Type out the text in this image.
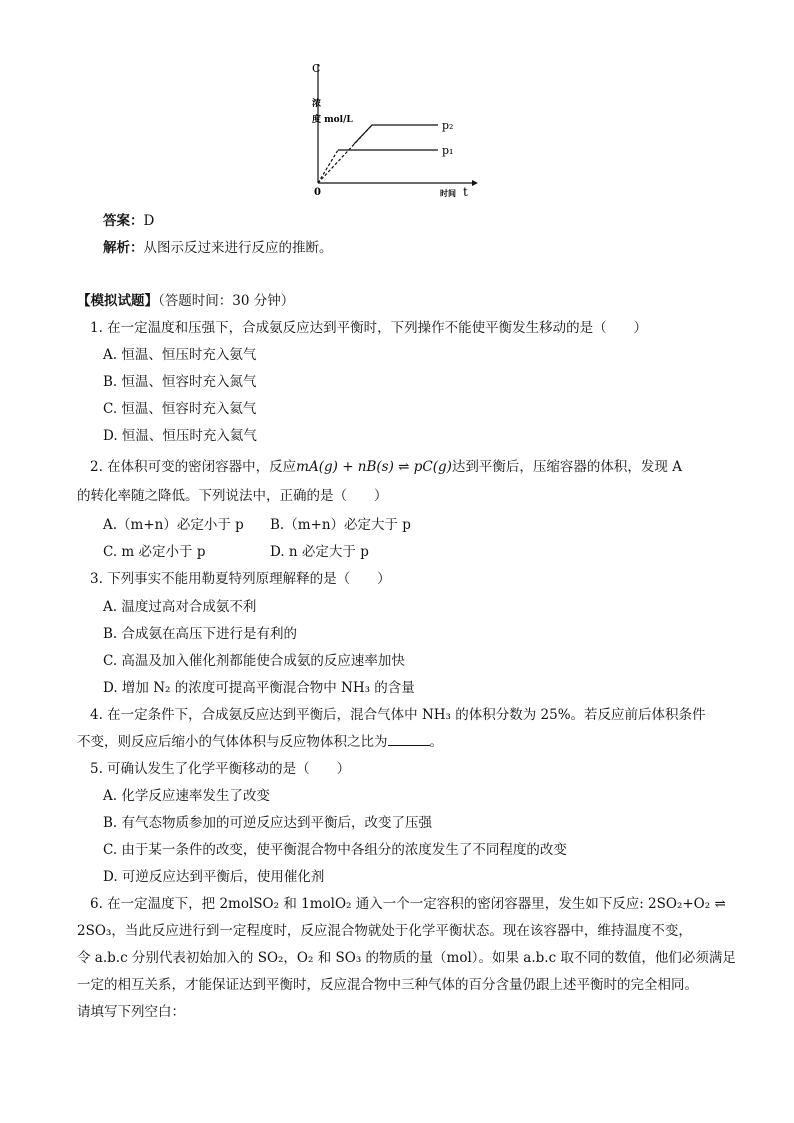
C
浓
度 mol/L
0	时间 t
p₂
p₁
答案：D
解析：从图示反过来进行反应的推断。
【模拟试题】（答题时间：30 分钟）
1. 在一定温度和压强下，合成氨反应达到平衡时，下列操作不能使平衡发生移动的是（　　）
A. 恒温、恒压时充入氨气
B. 恒温、恒容时充入氮气
C. 恒温、恒容时充入氦气
D. 恒温、恒压时充入氦气
2. 在体积可变的密闭容器中，反应mA(g) + nB(s) ⇌ pC(g)达到平衡后，压缩容器的体积，发现 A
的转化率随之降低。下列说法中，正确的是（　　）
A.（m+n）必定小于 p B.（m+n）必定大于 p
C. m 必定小于 p	D. n 必定大于 p
3. 下列事实不能用勒夏特列原理解释的是（　　）
A. 温度过高对合成氨不利
B. 合成氨在高压下进行是有利的
C. 高温及加入催化剂都能使合成氨的反应速率加快
D. 增加 N₂ 的浓度可提高平衡混合物中 NH₃ 的含量
4. 在一定条件下，合成氨反应达到平衡后，混合气体中 NH₃ 的体积分数为 25%。若反应前后体积条件
不变，则反应后缩小的气体体积与反应物体积之比为	。
5. 可确认发生了化学平衡移动的是（　　）
A. 化学反应速率发生了改变
B. 有气态物质参加的可逆反应达到平衡后，改变了压强
C. 由于某一条件的改变，使平衡混合物中各组分的浓度发生了不同程度的改变
D. 可逆反应达到平衡后，使用催化剂
6. 在一定温度下，把 2molSO₂ 和 1molO₂ 通入一个一定容积的密闭容器里，发生如下反应: 2SO₂+O₂ ⇌
2SO₃，当此反应进行到一定程度时，反应混合物就处于化学平衡状态。现在该容器中，维持温度不变，
令 a.b.c 分别代表初始加入的 SO₂，O₂ 和 SO₃ 的物质的量（mol）。如果 a.b.c 取不同的数值，他们必须满足
一定的相互关系，才能保证达到平衡时，反应混合物中三种气体的百分含量仍跟上述平衡时的完全相同。
请填写下列空白：
